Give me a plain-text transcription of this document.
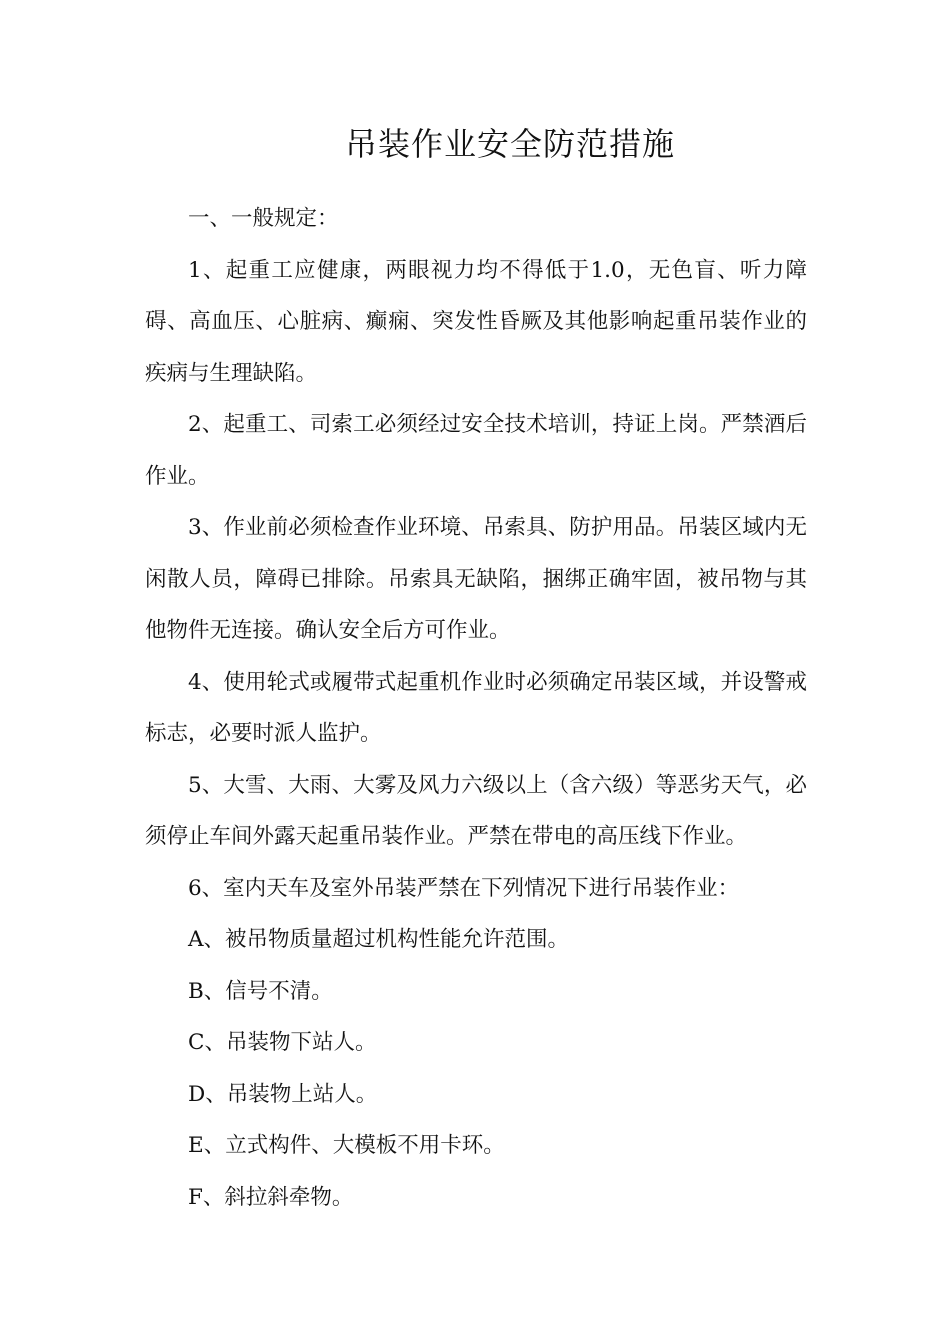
吊装作业安全防范措施

一、一般规定：

1、起重工应健康，两眼视力均不得低于1.0，无色盲、听力障碍、高血压、心脏病、癫痫、突发性昏厥及其他影响起重吊装作业的疾病与生理缺陷。

2、起重工、司索工必须经过安全技术培训，持证上岗。严禁酒后作业。

3、作业前必须检查作业环境、吊索具、防护用品。吊装区域内无闲散人员，障碍已排除。吊索具无缺陷，捆绑正确牢固，被吊物与其他物件无连接。确认安全后方可作业。

4、使用轮式或履带式起重机作业时必须确定吊装区域，并设警戒标志，必要时派人监护。

5、大雪、大雨、大雾及风力六级以上（含六级）等恶劣天气，必须停止车间外露天起重吊装作业。严禁在带电的高压线下作业。

6、室内天车及室外吊装严禁在下列情况下进行吊装作业：

A、被吊物质量超过机构性能允许范围。

B、信号不清。

C、吊装物下站人。

D、吊装物上站人。

E、立式构件、大模板不用卡环。

F、斜拉斜牵物。
